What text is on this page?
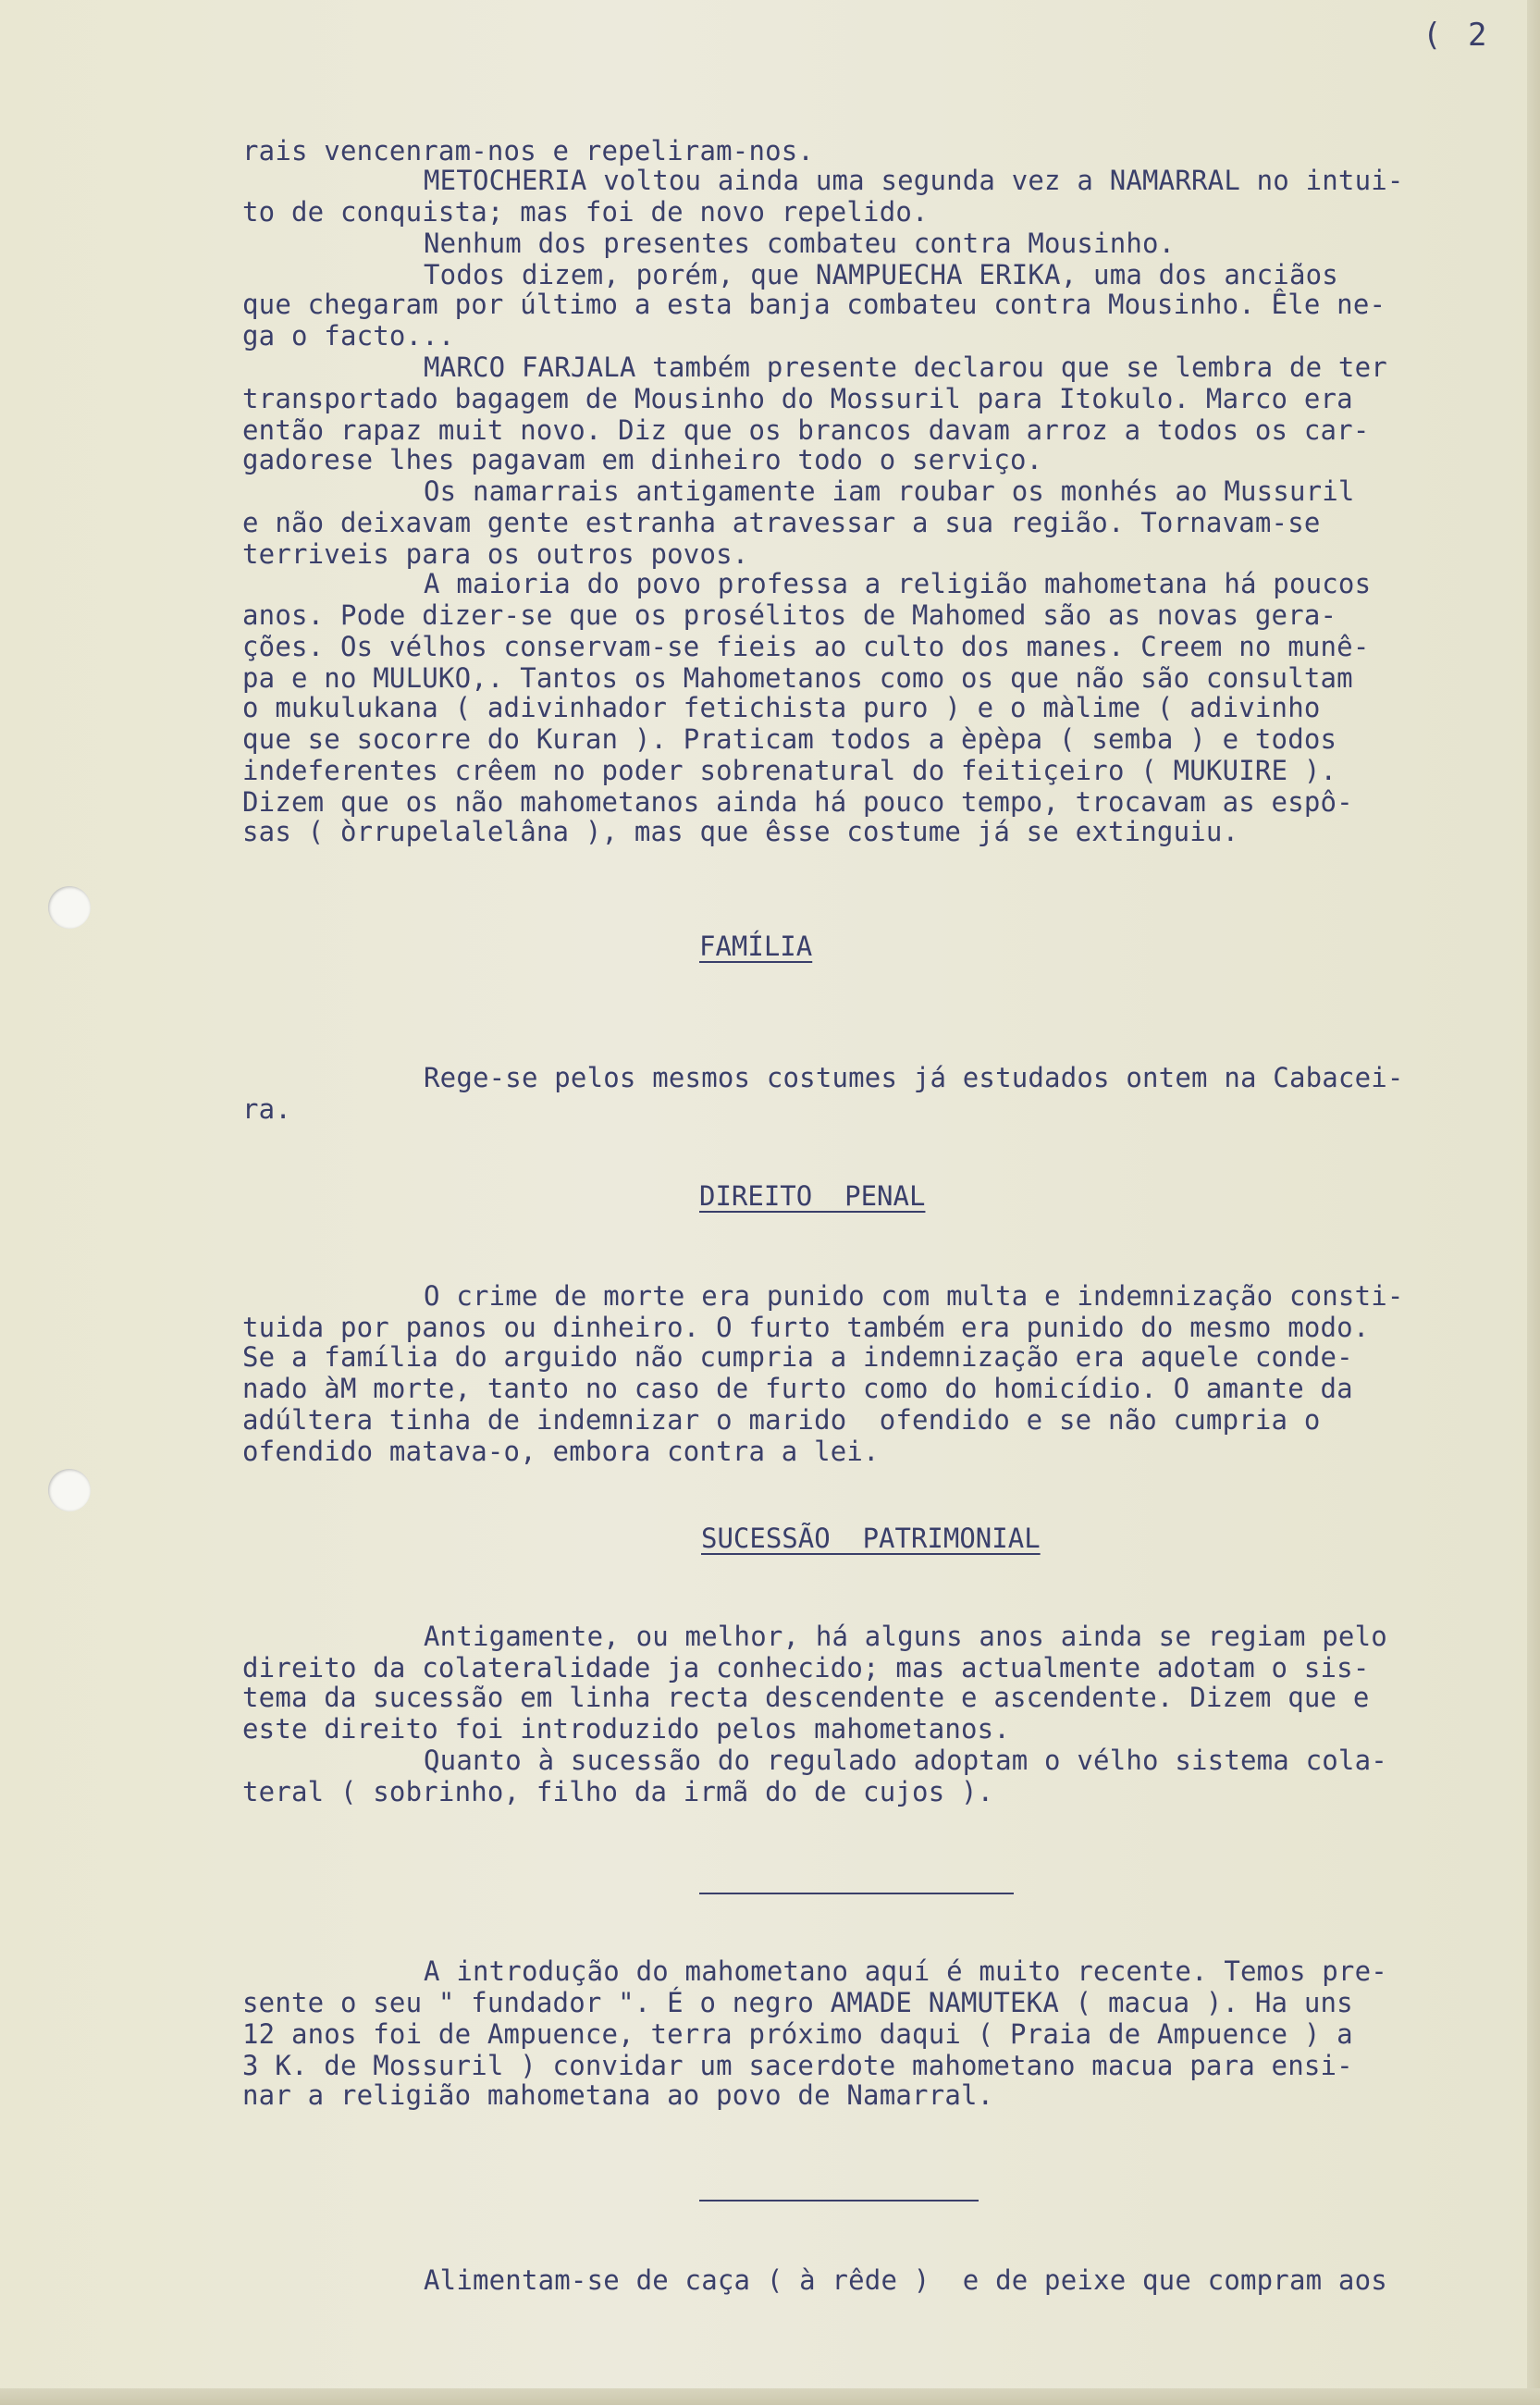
( 2
rais vencenram-nos e repeliram-nos.
METOCHERIA voltou ainda uma segunda vez a NAMARRAL no intui-
to de conquista; mas foi de novo repelido.
Nenhum dos presentes combateu contra Mousinho.
Todos dizem, porém, que NAMPUECHA ERIKA, uma dos anciãos
que chegaram por último a esta banja combateu contra Mousinho. Êle ne-
ga o facto...
MARCO FARJALA também presente declarou que se lembra de ter
transportado bagagem de Mousinho do Mossuril para Itokulo. Marco era
então rapaz muit novo. Diz que os brancos davam arroz a todos os car-
gadorese lhes pagavam em dinheiro todo o serviço.
Os namarrais antigamente iam roubar os monhés ao Mussuril
e não deixavam gente estranha atravessar a sua região. Tornavam-se
terriveis para os outros povos.
A maioria do povo professa a religião mahometana há poucos
anos. Pode dizer-se que os prosélitos de Mahomed são as novas gera-
ções. Os vélhos conservam-se fieis ao culto dos manes. Creem no munê-
pa e no MULUKO,. Tantos os Mahometanos como os que não são consultam
o mukulukana ( adivinhador fetichista puro ) e o màlime ( adivinho
que se socorre do Kuran ). Praticam todos a èpèpa ( semba ) e todos
indeferentes crêem no poder sobrenatural do feitiçeiro ( MUKUIRE ).
Dizem que os não mahometanos ainda há pouco tempo, trocavam as espô-
sas ( òrrupelalelâna ), mas que êsse costume já se extinguiu.
FAMÍLIA
Rege-se pelos mesmos costumes já estudados ontem na Cabacei-
ra.
DIREITO  PENAL
O crime de morte era punido com multa e indemnização consti-
tuida por panos ou dinheiro. O furto também era punido do mesmo modo.
Se a família do arguido não cumpria a indemnização era aquele conde-
nado àM morte, tanto no caso de furto como do homicídio. O amante da
adúltera tinha de indemnizar o marido  ofendido e se não cumpria o
ofendido matava-o, embora contra a lei.
SUCESSÃO  PATRIMONIAL
Antigamente, ou melhor, há alguns anos ainda se regiam pelo
direito da colateralidade ja conhecido; mas actualmente adotam o sis-
tema da sucessão em linha recta descendente e ascendente. Dizem que e
este direito foi introduzido pelos mahometanos.
Quanto à sucessão do regulado adoptam o vélho sistema cola-
teral ( sobrinho, filho da irmã do de cujos ).
A introdução do mahometano aquí é muito recente. Temos pre-
sente o seu " fundador ". É o negro AMADE NAMUTEKA ( macua ). Ha uns
12 anos foi de Ampuence, terra próximo daqui ( Praia de Ampuence ) a
3 K. de Mossuril ) convidar um sacerdote mahometano macua para ensi-
nar a religião mahometana ao povo de Namarral.
Alimentam-se de caça ( à rêde )  e de peixe que compram aos
